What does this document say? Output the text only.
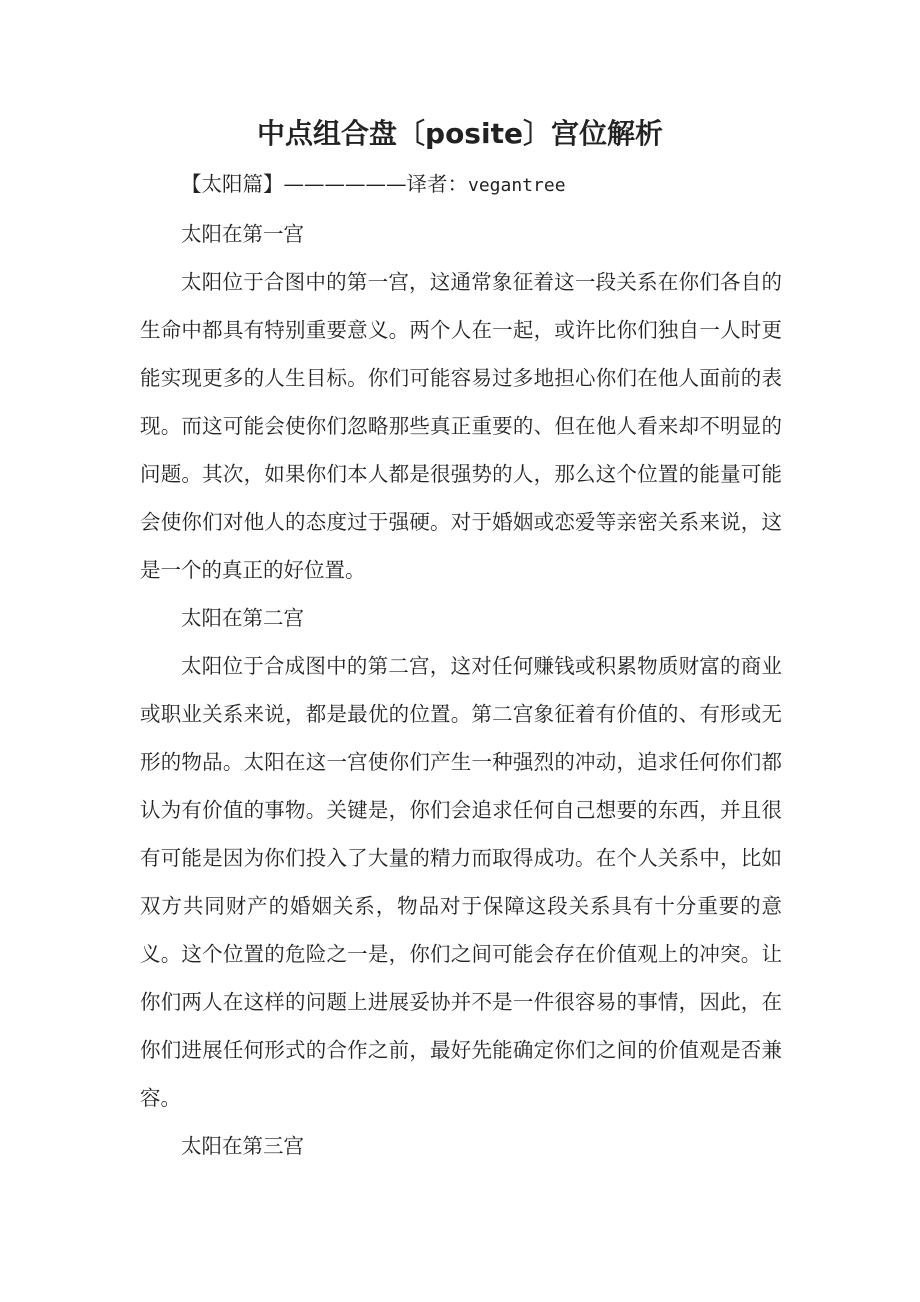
中点组合盘〔posite〕宫位解析

【太阳篇】——————译者：vegantree

太阳在第一宫

太阳位于合图中的第一宫，这通常象征着这一段关系在你们各自的生命中都具有特别重要意义。两个人在一起，或许比你们独自一人时更能实现更多的人生目标。你们可能容易过多地担心你们在他人面前的表现。而这可能会使你们忽略那些真正重要的、但在他人看来却不明显的问题。其次，如果你们本人都是很强势的人，那么这个位置的能量可能会使你们对他人的态度过于强硬。对于婚姻或恋爱等亲密关系来说，这是一个的真正的好位置。

太阳在第二宫

太阳位于合成图中的第二宫，这对任何赚钱或积累物质财富的商业或职业关系来说，都是最优的位置。第二宫象征着有价值的、有形或无形的物品。太阳在这一宫使你们产生一种强烈的冲动，追求任何你们都认为有价值的事物。关键是，你们会追求任何自己想要的东西，并且很有可能是因为你们投入了大量的精力而取得成功。在个人关系中，比如双方共同财产的婚姻关系，物品对于保障这段关系具有十分重要的意义。这个位置的危险之一是，你们之间可能会存在价值观上的冲突。让你们两人在这样的问题上进展妥协并不是一件很容易的事情，因此，在你们进展任何形式的合作之前，最好先能确定你们之间的价值观是否兼容。

太阳在第三宫
